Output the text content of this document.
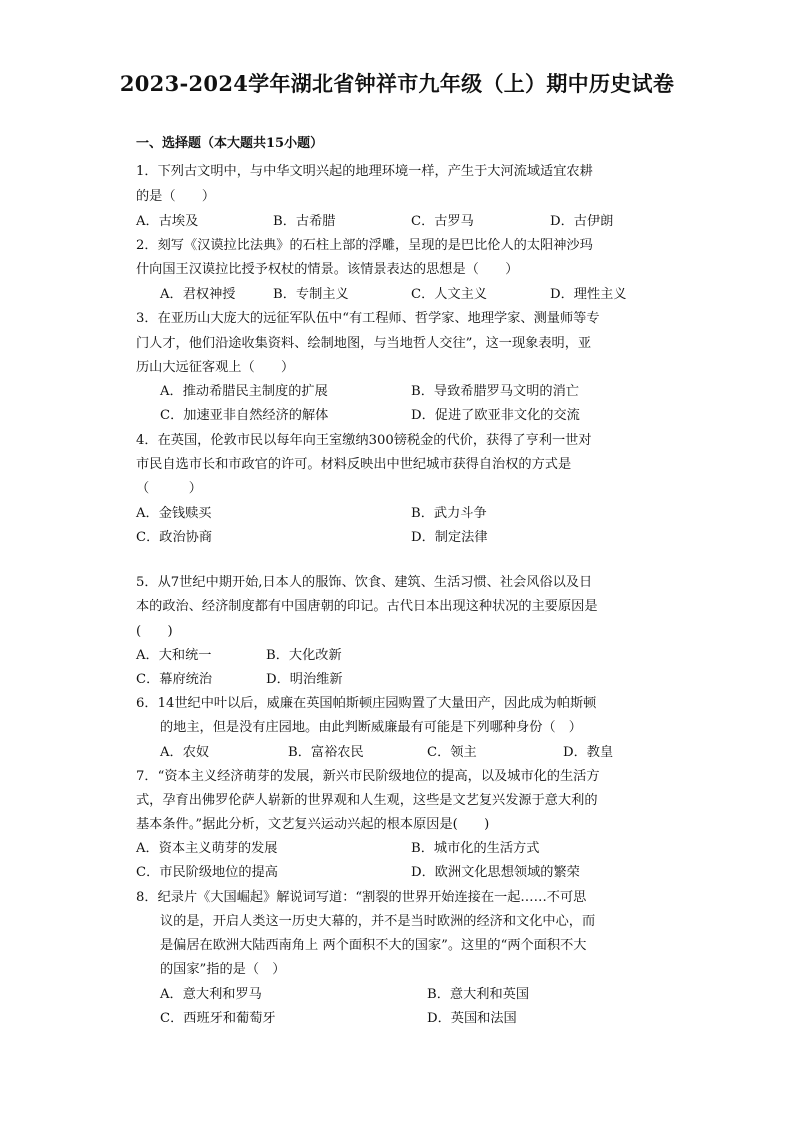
2023-2024学年湖北省钟祥市九年级（上）期中历史试卷
一、选择题（本大题共15小题）
1．下列古文明中，与中华文明兴起的地理环境一样，产生于大河流域适宜农耕
的是（　　）
A．古埃及	B．古希腊	C．古罗马	D．古伊朗
2．刻写《汉谟拉比法典》的石柱上部的浮雕，呈现的是巴比伦人的太阳神沙玛
什向国王汉谟拉比授予权杖的情景。该情景表达的思想是（　　）
A．君权神授	B．专制主义	C．人文主义	D．理性主义
3．在亚历山大庞大的远征军队伍中“有工程师、哲学家、地理学家、测量师等专
门人才，他们沿途收集资料、绘制地图，与当地哲人交往”，这一现象表明，亚
历山大远征客观上（　　）
A．推动希腊民主制度的扩展	B．导致希腊罗马文明的消亡
C．加速亚非自然经济的解体	D．促进了欧亚非文化的交流
4．在英国，伦敦市民以每年向王室缴纳300镑税金的代价，获得了亨利一世对
市民自选市长和市政官的许可。材料反映出中世纪城市获得自治权的方式是
（　　　）
A．金钱赎买	B．武力斗争
C．政治协商	D．制定法律
5．从7世纪中期开始,日本人的服饰、饮食、建筑、生活习惯、社会风俗以及日
本的政治、经济制度都有中国唐朝的印记。古代日本出现这种状况的主要原因是
(　　)
A．大和统一	B．大化改新
C．幕府统治	D．明治维新
6．14世纪中叶以后，威廉在英国帕斯顿庄园购置了大量田产，因此成为帕斯顿
的地主，但是没有庄园地。由此判断威廉最有可能是下列哪种身份（　）
A．农奴	B．富裕农民	C．领主	D．教皇
7．“资本主义经济萌芽的发展，新兴市民阶级地位的提高，以及城市化的生活方
式，孕育出佛罗伦萨人崭新的世界观和人生观，这些是文艺复兴发源于意大利的
基本条件。”据此分析，文艺复兴运动兴起的根本原因是(　　)
A．资本主义萌芽的发展	B．城市化的生活方式
C．市民阶级地位的提高	D．欧洲文化思想领域的繁荣
8．纪录片《大国崛起》解说词写道：“割裂的世界开始连接在一起……不可思
议的是，开启人类这一历史大幕的，并不是当时欧洲的经济和文化中心，而
是偏居在欧洲大陆西南角上 两个面积不大的国家”。这里的“两个面积不大
的国家”指的是（　）
A．意大利和罗马	B．意大利和英国
C．西班牙和葡萄牙	D．英国和法国
